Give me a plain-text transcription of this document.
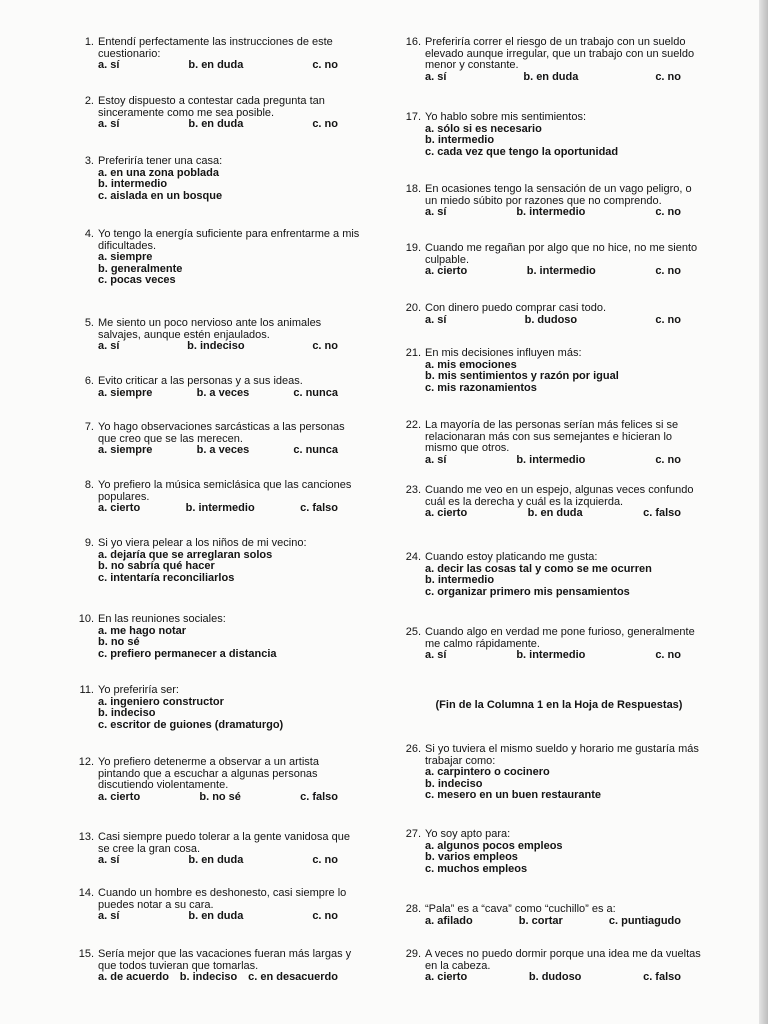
1. Entendí perfectamente las instrucciones de este cuestionario:
a. sí	b. en duda	c. no
2. Estoy dispuesto a contestar cada pregunta tan sinceramente como me sea posible.
a. sí	b. en duda	c. no
3. Preferiría tener una casa:
a. en una zona poblada
b. intermedio
c. aislada en un bosque
4. Yo tengo la energía suficiente para enfrentarme a mis dificultades.
a. siempre
b. generalmente
c. pocas veces
5. Me siento un poco nervioso ante los animales salvajes, aunque estén enjaulados.
a. sí	b. indeciso	c. no
6. Evito criticar a las personas y a sus ideas.
a. siempre	b. a veces	c. nunca
7. Yo hago observaciones sarcásticas a las personas que creo que se las merecen.
a. siempre	b. a veces	c. nunca
8. Yo prefiero la música semiclásica que las canciones populares.
a. cierto	b. intermedio	c. falso
9. Si yo viera pelear a los niños de mi vecino:
a. dejaría que se arreglaran solos
b. no sabría qué hacer
c. intentaría reconciliarlos
10. En las reuniones sociales:
a. me hago notar
b. no sé
c. prefiero permanecer a distancia
11. Yo preferiría ser:
a. ingeniero constructor
b. indeciso
c. escritor de guiones (dramaturgo)
12. Yo prefiero detenerme a observar a un artista pintando que a escuchar a algunas personas discutiendo violentamente.
a. cierto	b. no sé	c. falso
13. Casi siempre puedo tolerar a la gente vanidosa que se cree la gran cosa.
a. sí	b. en duda	c. no
14. Cuando un hombre es deshonesto, casi siempre lo puedes notar a su cara.
a. sí	b. en duda	c. no
15. Sería mejor que las vacaciones fueran más largas y que todos tuvieran que tomarlas.
a. de acuerdo b. indeciso c. en desacuerdo
16. Preferiría correr el riesgo de un trabajo con un sueldo elevado aunque irregular, que un trabajo con un sueldo menor y constante.
a. sí	b. en duda	c. no
17. Yo hablo sobre mis sentimientos:
a. sólo si es necesario
b. intermedio
c. cada vez que tengo la oportunidad
18. En ocasiones tengo la sensación de un vago peligro, o un miedo súbito por razones que no comprendo.
a. sí	b. intermedio	c. no
19. Cuando me regañan por algo que no hice, no me siento culpable.
a. cierto	b. intermedio	c. no
20. Con dinero puedo comprar casi todo.
a. sí	b. dudoso	c. no
21. En mis decisiones influyen más:
a. mis emociones
b. mis sentimientos y razón por igual
c. mis razonamientos
22. La mayoría de las personas serían más felices si se relacionaran más con sus semejantes e hicieran lo mismo que otros.
a. sí	b. intermedio	c. no
23. Cuando me veo en un espejo, algunas veces confundo cuál es la derecha y cuál es la izquierda.
a. cierto	b. en duda	c. falso
24. Cuando estoy platicando me gusta:
a. decir las cosas tal y como se me ocurren
b. intermedio
c. organizar primero mis pensamientos
25. Cuando algo en verdad me pone furioso, generalmente me calmo rápidamente.
a. sí	b. intermedio	c. no
26. Si yo tuviera el mismo sueldo y horario me gustaría más trabajar como:
a. carpintero o cocinero
b. indeciso
c. mesero en un buen restaurante
27. Yo soy apto para:
a. algunos pocos empleos
b. varios empleos
c. muchos empleos
28. “Pala” es a “cava” como “cuchillo” es a:
a. afilado	b. cortar	c. puntiagudo
29. A veces no puedo dormir porque una idea me da vueltas en la cabeza.
a. cierto	b. dudoso	c. falso
(Fin de la Columna 1 en la Hoja de Respuestas)
